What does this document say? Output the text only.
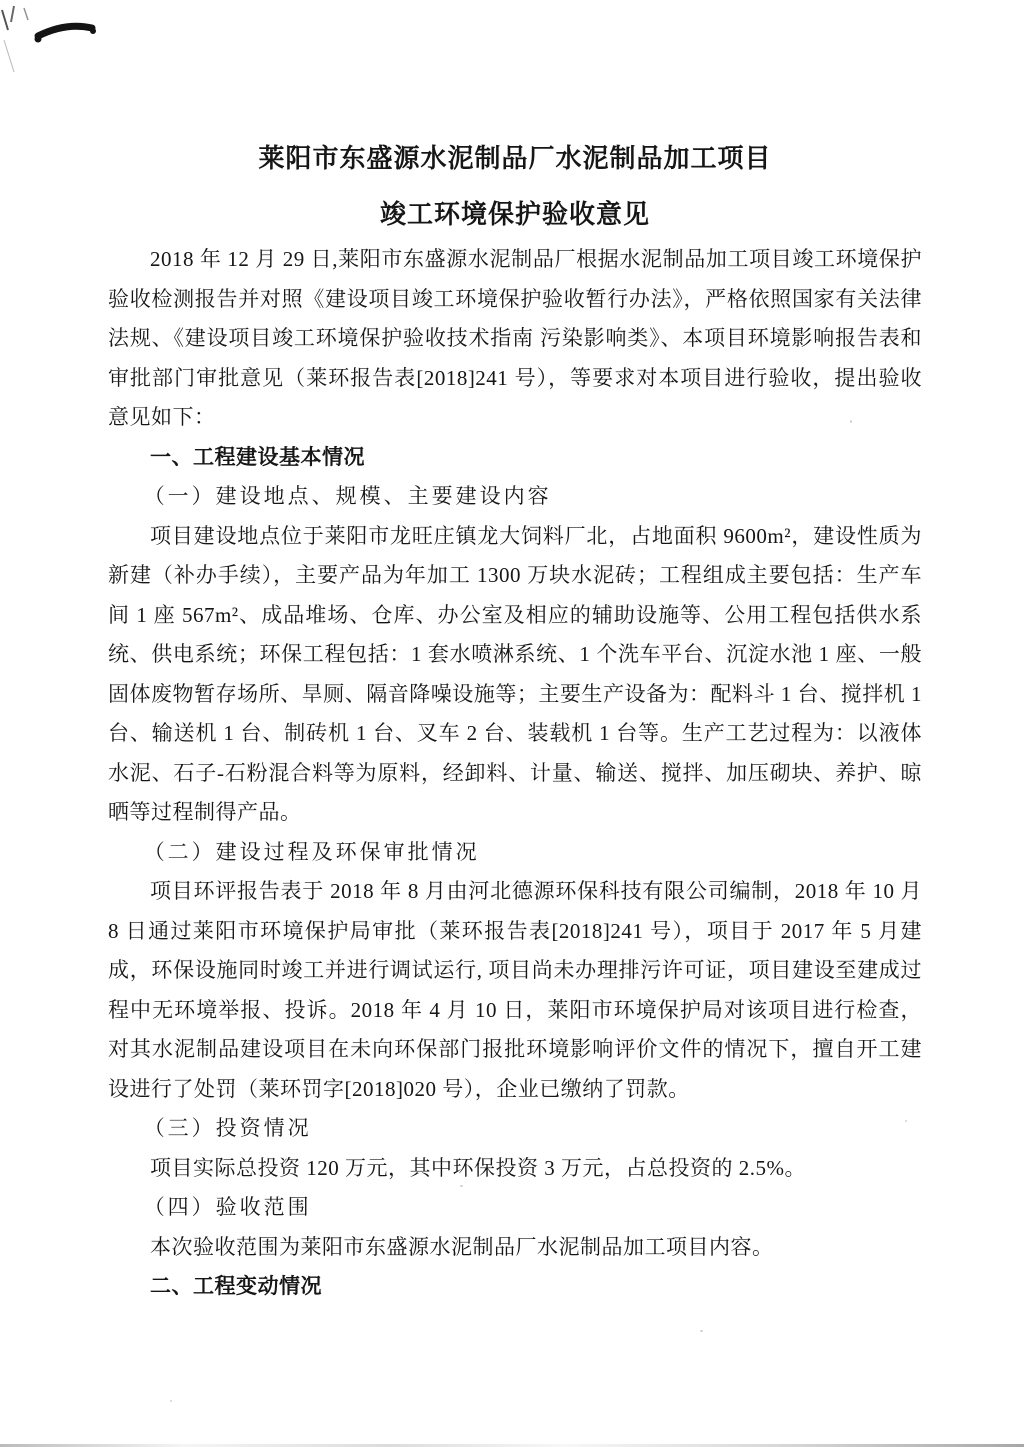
莱阳市东盛源水泥制品厂水泥制品加工项目
竣工环境保护验收意见

2018 年 12 月 29 日,莱阳市东盛源水泥制品厂根据水泥制品加工项目竣工环境保护验收检测报告并对照《建设项目竣工环境保护验收暂行办法》，严格依照国家有关法律法规、《建设项目竣工环境保护验收技术指南 污染影响类》、本项目环境影响报告表和审批部门审批意见（莱环报告表[2018]241 号），等要求对本项目进行验收，提出验收意见如下：

一、工程建设基本情况

（一）建设地点、规模、主要建设内容

项目建设地点位于莱阳市龙旺庄镇龙大饲料厂北，占地面积 9600m²，建设性质为新建（补办手续），主要产品为年加工 1300 万块水泥砖；工程组成主要包括：生产车间 1 座 567m²、成品堆场、仓库、办公室及相应的辅助设施等、公用工程包括供水系统、供电系统；环保工程包括：1 套水喷淋系统、1 个洗车平台、沉淀水池 1 座、一般固体废物暂存场所、旱厕、隔音降噪设施等；主要生产设备为：配料斗 1 台、搅拌机 1 台、输送机 1 台、制砖机 1 台、叉车 2 台、装载机 1 台等。生产工艺过程为：以液体水泥、石子-石粉混合料等为原料，经卸料、计量、输送、搅拌、加压砌块、养护、晾晒等过程制得产品。

（二）建设过程及环保审批情况

项目环评报告表于 2018 年 8 月由河北德源环保科技有限公司编制，2018 年 10 月 8 日通过莱阳市环境保护局审批（莱环报告表[2018]241 号），项目于 2017 年 5 月建成，环保设施同时竣工并进行调试运行, 项目尚未办理排污许可证，项目建设至建成过程中无环境举报、投诉。2018 年 4 月 10 日，莱阳市环境保护局对该项目进行检查，对其水泥制品建设项目在未向环保部门报批环境影响评价文件的情况下，擅自开工建设进行了处罚（莱环罚字[2018]020 号），企业已缴纳了罚款。

（三）投资情况

项目实际总投资 120 万元，其中环保投资 3 万元，占总投资的 2.5%。

（四）验收范围

本次验收范围为莱阳市东盛源水泥制品厂水泥制品加工项目内容。

二、工程变动情况
